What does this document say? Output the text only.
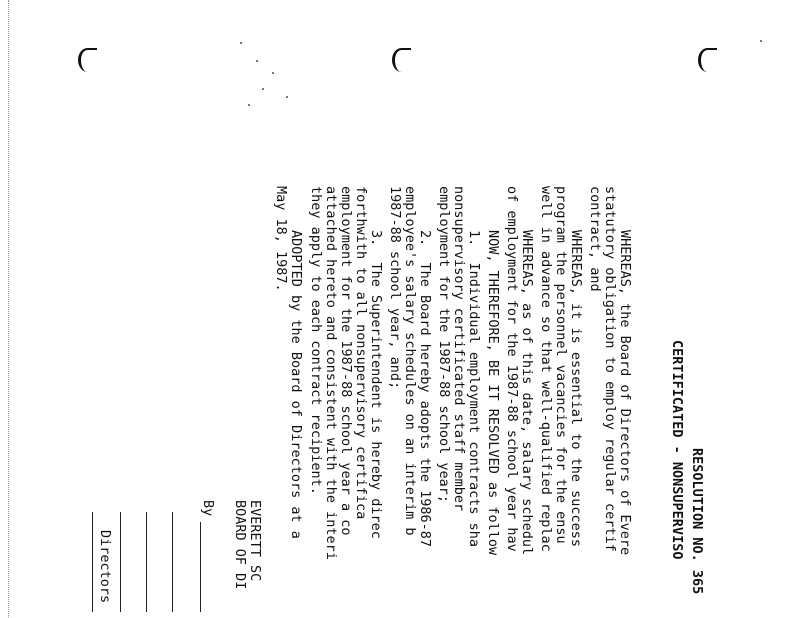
RESOLUTION NO. 365
CERTIFICATED - NONSUPERVISO
WHEREAS, the Board of Directors of Evere
statutory obligation to employ regular certif
contract, and
WHEREAS, it is essential to the success
program the personnel vacancies for the ensu
well in advance so that well-qualified replac
WHEREAS, as of this date, salary schedul
of employment for the 1987-88 school year hav
NOW, THEREFORE, BE IT RESOLVED as follow
1.  Individual employment contracts sha
nonsupervisory certificated staff member
employment for the 1987-88 school year;
2.  The Board hereby adopts the 1986-87
employee's salary schedules on an interim b
1987-88 school year, and;
3.  The Superintendent is hereby direc
forthwith to all nonsupervisory certifica
employment for the 1987-88 school year a co
attached hereto and consistent with the interi
they apply to each contract recipient.
ADOPTED by the Board of Directors at a
May 18, 1987.
EVERETT SC
BOARD OF DI
By
Directors
